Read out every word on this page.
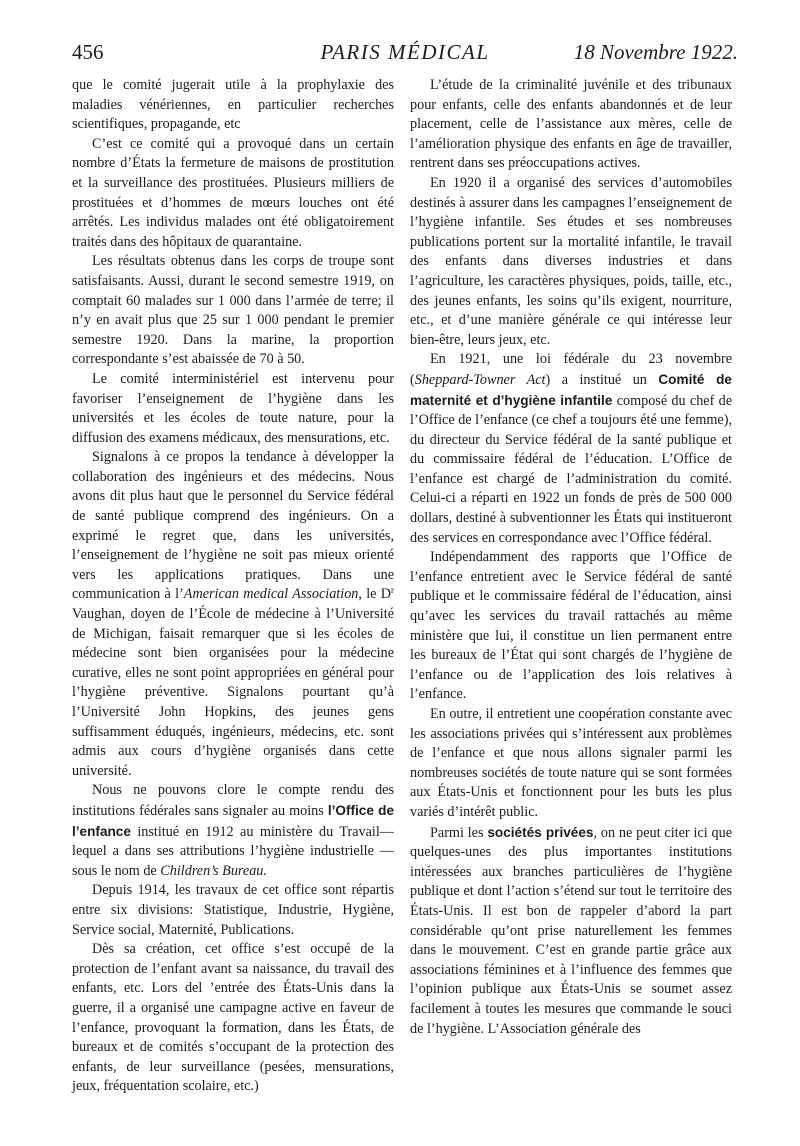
456	PARIS MÉDICAL	18 Novembre 1922.

que le comité jugerait utile à la prophylaxie des maladies vénériennes, en particulier recherches scientifiques, propagande, etc

C’est ce comité qui a provoqué dans un certain nombre d’États la fermeture de maisons de prostitution et la surveillance des prostituées. Plusieurs milliers de prostituées et d’hommes de mœurs louches ont été arrêtés. Les individus malades ont été obligatoirement traités dans des hôpitaux de quarantaine.

Les résultats obtenus dans les corps de troupe sont satisfaisants. Aussi, durant le second semestre 1919, on comptait 60 malades sur 1 000 dans l’armée de terre; il n’y en avait plus que 25 sur 1 000 pendant le premier semestre 1920. Dans la marine, la proportion correspondante s’est abaissée de 70 à 50.

Le comité interministériel est intervenu pour favoriser l’enseignement de l’hygiène dans les universités et les écoles de toute nature, pour la diffusion des examens médicaux, des mensurations, etc.

Signalons à ce propos la tendance à développer la collaboration des ingénieurs et des médecins. Nous avons dit plus haut que le personnel du Service fédéral de santé publique comprend des ingénieurs. On a exprimé le regret que, dans les universités, l’enseignement de l’hygiène ne soit pas mieux orienté vers les applications pratiques. Dans une communication à l’American medical Association, le $D^r$ Vaughan, doyen de l’École de médecine à l’Université de Michigan, faisait remarquer que si les écoles de médecine sont bien organisées pour la médecine curative, elles ne sont point appropriées en général pour l’hygiène préventive. Signalons pourtant qu’à l’Université John Hopkins, des jeunes gens suffisamment éduqués, ingénieurs, médecins, etc. sont admis aux cours d’hygiène organisés dans cette université.

Nous ne pouvons clore le compte rendu des institutions fédérales sans signaler au moins l’Office de l’enfance institué en 1912 au ministère du Travail— lequel a dans ses attributions l’hygiène industrielle — sous le nom de Children’s Bureau.

Depuis 1914, les travaux de cet office sont répartis entre six divisions: Statistique, Industrie, Hygiène, Service social, Maternité, Publications.

Dès sa création, cet office s’est occupé de la protection de l’enfant avant sa naissance, du travail des enfants, etc. Lors del ’entrée des États-Unis dans la guerre, il a organisé une campagne active en faveur de l’enfance, provoquant la formation, dans les États, de bureaux et de comités s’occupant de la protection des enfants, de leur surveillance (pesées, mensurations, jeux, fréquentation scolaire, etc.)

L’étude de la criminalité juvénile et des tribunaux pour enfants, celle des enfants abandonnés et de leur placement, celle de l’assistance aux mères, celle de l’amélioration physique des enfants en âge de travailler, rentrent dans ses préoccupations actives.

En 1920 il a organisé des services d’automobiles destinés à assurer dans les campagnes l’enseignement de l’hygiène infantile. Ses études et ses nombreuses publications portent sur la mortalité infantile, le travail des enfants dans diverses industries et dans l’agriculture, les caractères physiques, poids, taille, etc., des jeunes enfants, les soins qu’ils exigent, nourriture, etc., et d’une manière générale ce qui intéresse leur bien-être, leurs jeux, etc.

En 1921, une loi fédérale du 23 novembre (Sheppard-Towner Act) a institué un Comité de maternité et d’hygiène infantile composé du chef de l’Office de l’enfance (ce chef a toujours été une femme), du directeur du Service fédéral de la santé publique et du commissaire fédéral de l’éducation. L’Office de l’enfance est chargé de l’administration du comité. Celui-ci a réparti en 1922 un fonds de près de 500 000 dollars, destiné à subventionner les États qui institueront des services en correspondance avec l’Office fédéral.

Indépendamment des rapports que l’Office de l’enfance entretient avec le Service fédéral de santé publique et le commissaire fédéral de l’éducation, ainsi qu’avec les services du travail rattachés au même ministère que lui, il constitue un lien permanent entre les bureaux de l’État qui sont chargés de l’hygiène de l’enfance ou de l’application des lois relatives à l’enfance.

En outre, il entretient une coopération constante avec les associations privées qui s’intéressent aux problèmes de l’enfance et que nous allons signaler parmi les nombreuses sociétés de toute nature qui se sont formées aux États-Unis et fonctionnent pour les buts les plus variés d’intérêt public.

Parmi les sociétés privées, on ne peut citer ici que quelques-unes des plus importantes institutions intéressées aux branches particulières de l’hygiène publique et dont l’action s’étend sur tout le territoire des États-Unis. Il est bon de rappeler d’abord la part considérable qu’ont prise naturellement les femmes dans le mouvement. C’est en grande partie grâce aux associations féminines et à l’influence des femmes que l’opinion publique aux États-Unis se soumet assez facilement à toutes les mesures que commande le souci de l’hygiène. L’Association générale des
